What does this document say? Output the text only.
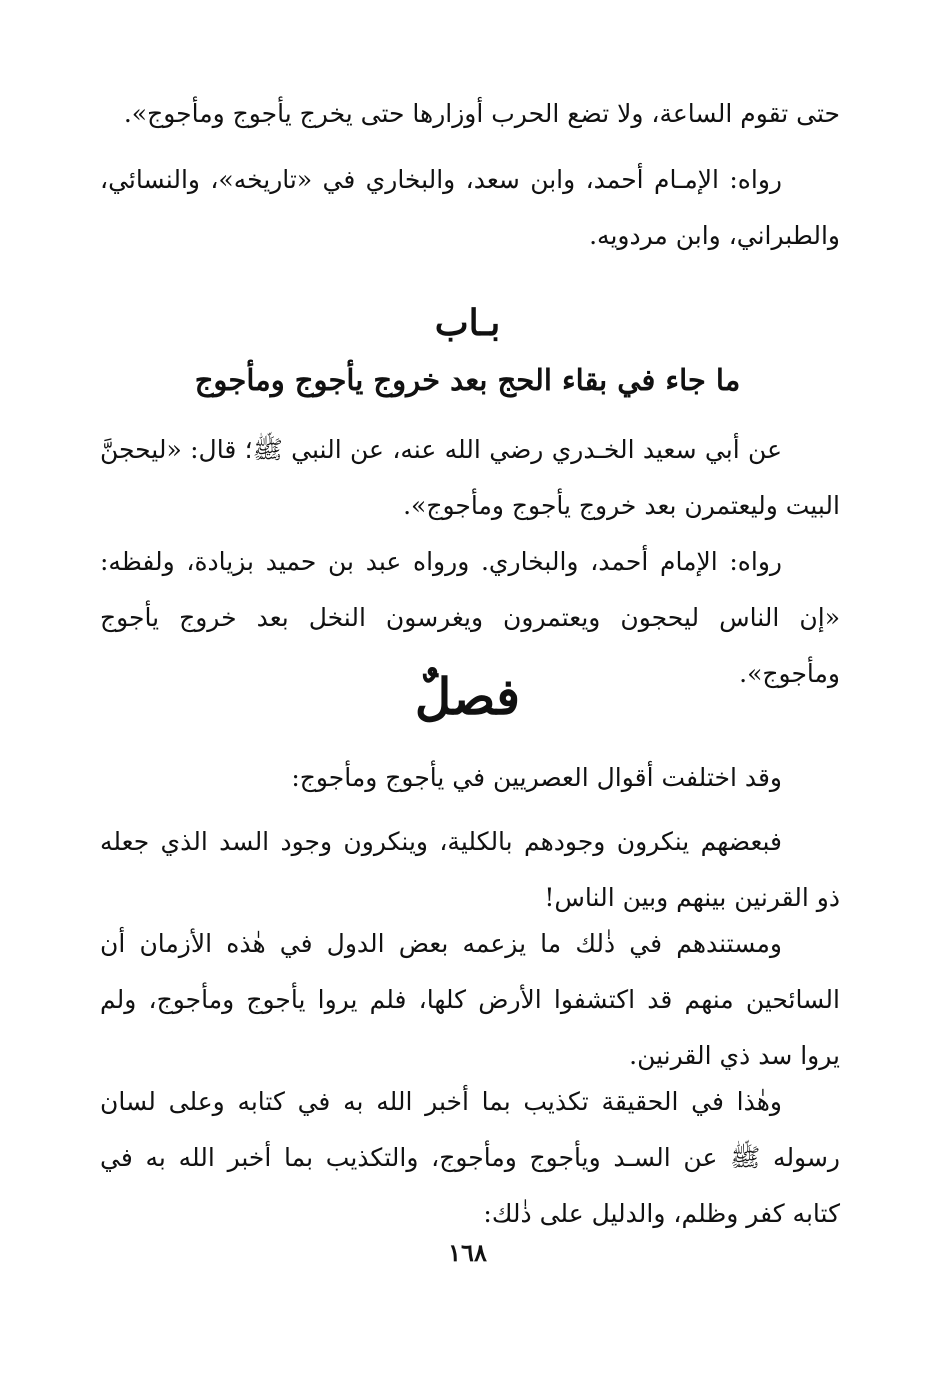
حتى تقوم الساعة، ولا تضع الحرب أوزارها حتى يخرج يأجوج ومأجوج».

رواه: الإمـام أحمد، وابن سعد، والبخاري في «تاريخه»، والنسائي، والطبراني، وابن مردويه.

بـاب
ما جاء في بقاء الحج بعد خروج يأجوج ومأجوج

عن أبي سعيد الخـدري رضي الله عنه، عن النبي ﷺ؛ قال: «ليحجنَّ البيت وليعتمرن بعد خروج يأجوج ومأجوج».

رواه: الإمام أحمد، والبخاري. ورواه عبد بن حميد بزيادة، ولفظه: «إن الناس ليحجون ويعتمرون ويغرسون النخل بعد خروج يأجوج ومأجوج».

فصلٌ

وقد اختلفت أقوال العصريين في يأجوج ومأجوج:

فبعضهم ينكرون وجودهم بالكلية، وينكرون وجود السد الذي جعله ذو القرنين بينهم وبين الناس!

ومستندهم في ذٰلك ما يزعمه بعض الدول في هٰذه الأزمان أن السائحين منهم قد اكتشفوا الأرض كلها، فلم يروا يأجوج ومأجوج، ولم يروا سد ذي القرنين.

وهٰذا في الحقيقة تكذيب بما أخبر الله به في كتابه وعلى لسان رسوله ﷺ عن السـد ويأجوج ومأجوج، والتكذيب بما أخبر الله به في كتابه كفر وظلم، والدليل على ذٰلك:

١٦٨
